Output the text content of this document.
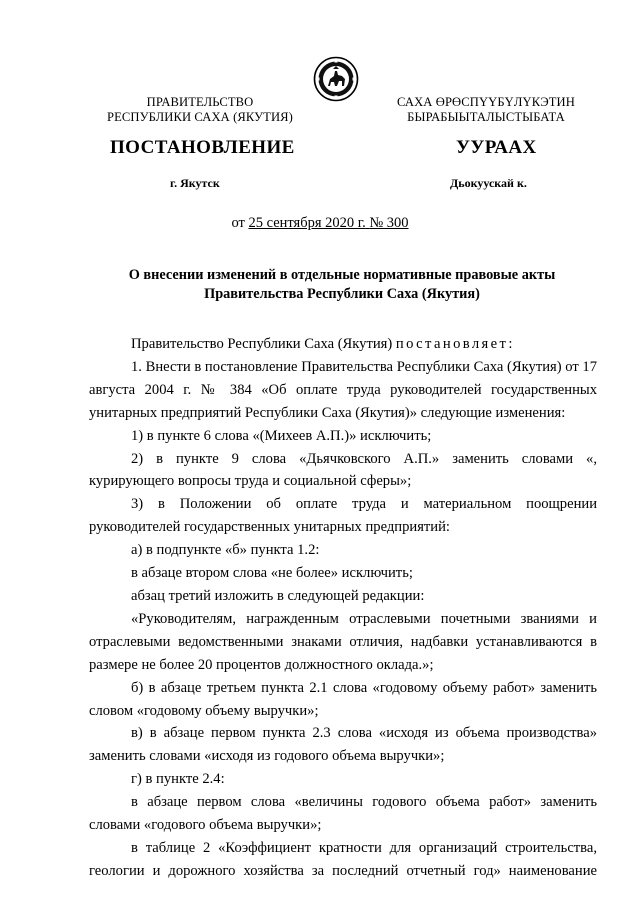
ПРАВИТЕЛЬСТВО
РЕСПУБЛИКИ САХА (ЯКУТИЯ)
САХА ӨРӨСПҮҮБҮЛҮКЭТИН
БЫРАБЫЫТАЛЫСТЫБАТА
ПОСТАНОВЛЕНИЕ	УУРААХ
г. Якутск	Дьокуускай к.
от 25 сентября 2020 г. № 300
О внесении изменений в отдельные нормативные правовые акты
Правительства Республики Саха (Якутия)

Правительство Республики Саха (Якутия) постановляет:

1. Внести в постановление Правительства Республики Саха (Якутия) от 17 августа 2004 г. № 384 «Об оплате труда руководителей государственных унитарных предприятий Республики Саха (Якутия)» следующие изменения:

1) в пункте 6 слова «(Михеев А.П.)» исключить;

2) в пункте 9 слова «Дьячковского А.П.» заменить словами «, курирующего вопросы труда и социальной сферы»;

3) в Положении об оплате труда и материальном поощрении руководителей государственных унитарных предприятий:

а) в подпункте «б» пункта 1.2:

в абзаце втором слова «не более» исключить;

абзац третий изложить в следующей редакции:

«Руководителям, награжденным отраслевыми почетными званиями и отраслевыми ведомственными знаками отличия, надбавки устанавливаются в размере не более 20 процентов должностного оклада.»;

б) в абзаце третьем пункта 2.1 слова «годовому объему работ» заменить словом «годовому объему выручки»;

в) в абзаце первом пункта 2.3 слова «исходя из объема производства» заменить словами «исходя из годового объема выручки»;

г) в пункте 2.4:

в абзаце первом слова «величины годового объема работ» заменить словами «годового объема выручки»;

в таблице 2 «Коэффициент кратности для организаций строительства, геологии и дорожного хозяйства за последний отчетный год» наименование
